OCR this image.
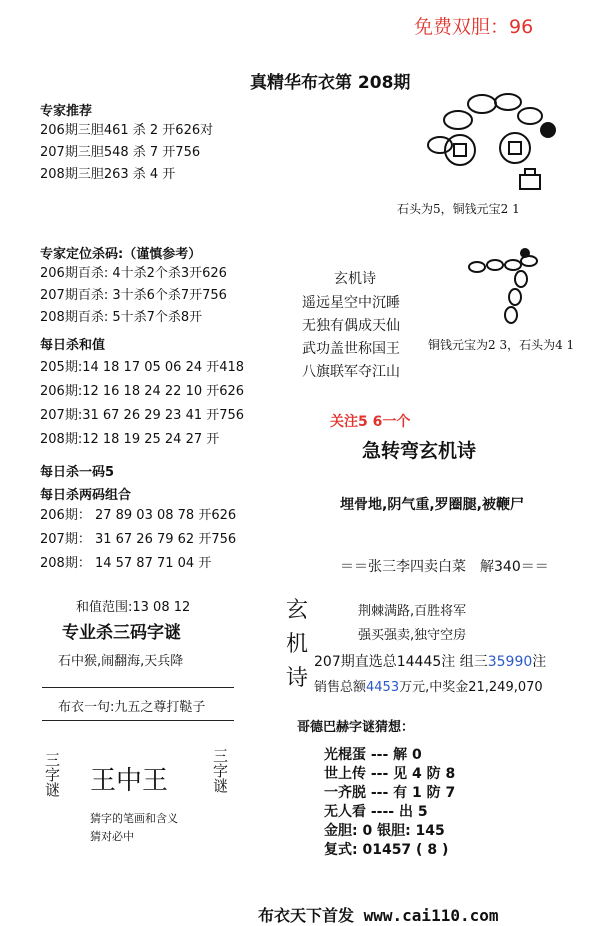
免费双胆：96
真精华布衣第 208期
专家推荐
206期三胆461 杀 2 开626对
207期三胆548 杀 7 开756
208期三胆263 杀 4 开
石头为5，铜钱元宝2 1
专家定位杀码:（谨慎参考）
206期百杀: 4十杀2个杀3开626
207期百杀: 3十杀6个杀7开756
208期百杀: 5十杀7个杀8开
每日杀和值
205期:14 18 17 05 06 24 开418
206期:12 16 18 24 22 10 开626
207期:31 67 26 29 23 41 开756
208期:12 18 19 25 24 27 开
玄机诗
遥远星空中沉睡
无独有偶成天仙
武功盖世称国王
八旗联军夺江山
铜钱元宝为2 3，石头为4 1
关注5 6一个
急转弯玄机诗
埋骨地,阴气重,罗圈腿,被鞭尸
每日杀一码5
每日杀两码组合
206期： 27 89 03 08 78 开626
207期： 31 67 26 79 62 开756
208期： 14 57 87 71 04 开	＝＝张三李四卖白菜　解340＝＝
和值范围:13 08 12
专业杀三码字谜
石中猴,闹翻海,天兵降
布衣一句:九五之尊打鞑子
玄
机
诗
荆棘满路,百胜将军
强买强卖,独守空房
207期直选总14445注 组三35990注
销售总额4453万元,中奖金21,249,070
三字谜 王中王	三字谜
猜字的笔画和含义
猜对必中
哥德巴赫字谜猜想：
光棍蛋 --- 解 0
世上传 --- 见 4 防 8
一齐脱 --- 有 1 防 7
无人看 ---- 出 5
金胆: 0 银胆: 145
复式: 01457 ( 8 )
布衣天下首发 www.cai110.com
